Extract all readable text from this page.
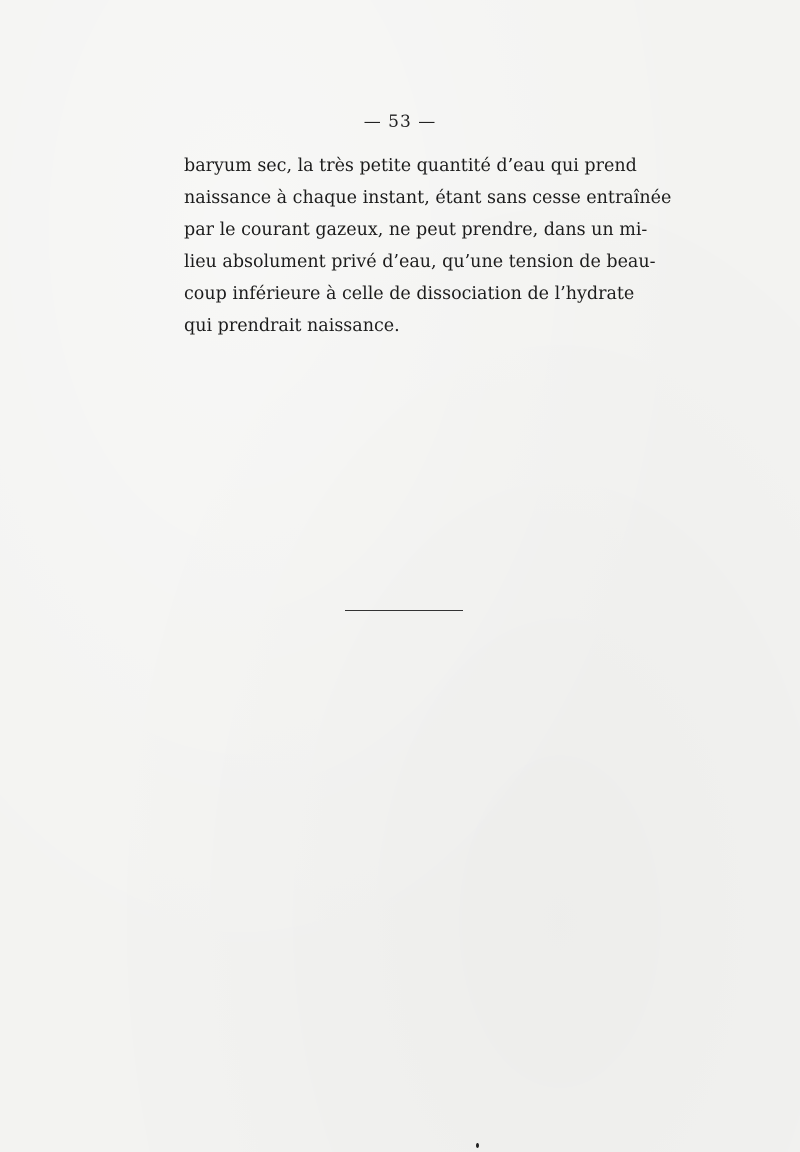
— 53 —
baryum sec, la très petite quantité d’eau qui prend
naissance à chaque instant, étant sans cesse entraînée
par le courant gazeux, ne peut prendre, dans un mi-
lieu absolument privé d’eau, qu’une tension de beau-
coup inférieure à celle de dissociation de l’hydrate
qui prendrait naissance.
